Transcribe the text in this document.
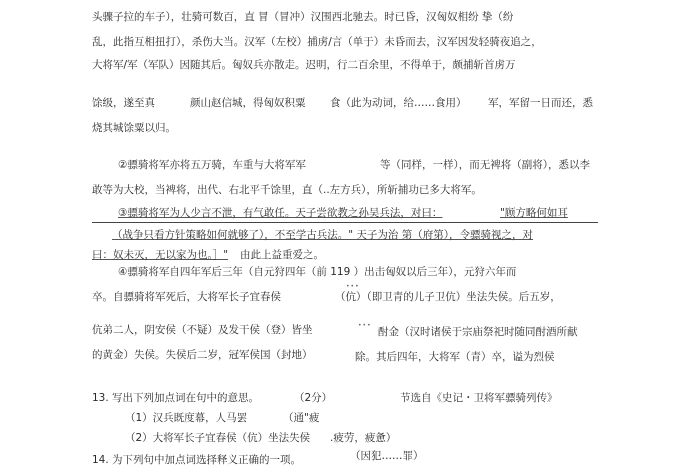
头骤子拉的车子），壮骑可数百，直 冒（冒冲）汉围西北驰去。时已昏，汉匈奴相纷 挚（纷
乱，此指互相扭打），杀伤大当。汉军（左校）捕虏/言（单于）未昏而去，汉军因发轻骑夜追之，
大将军/军（军队）因随其后。匈奴兵亦散走。迟明，行二百余里，不得单于，颇捕斩首虏万
馀级，遂至真	颜山赵信城，得匈奴积粟 食（此为动词，给……食用） 军，军留一日而还，悉
烧其城馀粟以归。
②骠骑将军亦将五万骑，车重与大将军军	等（同样，一样），而无裨将（副将），悉以李
敢等为大校，当裨将，出代、右北平千馀里，直（..左方兵），所斩捕功已多大将军。
③骠骑将军为人少言不泄，有气敢任。天子尝欲教之孙吴兵法，对曰：	"顾方略何如耳
（战争只看方针策略如何就够了），不至学古兵法。" 天子为治 第（府第），令骠骑视之，对
曰：奴未灭，无以家为也。］" 由此上益重爱之。
④骠骑将军自四年军后三年（自元狩四年（前 119 ）出击匈奴以后三年），元狩六年而
•••
卒。自骠骑将军死后，大将军长子宜春侯	（伉）（即卫青的儿子卫伉）坐法失侯。后五岁，
•••
伉弟二人，阴安侯（不疑）及发干侯（登）皆坐	酎金（汉时诸侯于宗庙祭祀时随同酎酒所献
的黄金）失侯。失侯后二岁，冠军侯国（封地）	除。其后四年，大将军（青）卒，谥为烈侯
13. 写出下列加点词在句中的意思。	（2分）	节选自《史记・卫将军骠骑列传》
（1）汉兵既度幕，人马罢	（通"疲
（2）大将军长子宜春侯（伉）坐法失侯 .疲劳，疲惫）
14. 为下列句中加点词选择释义正确的一项。	（因犯……罪）
